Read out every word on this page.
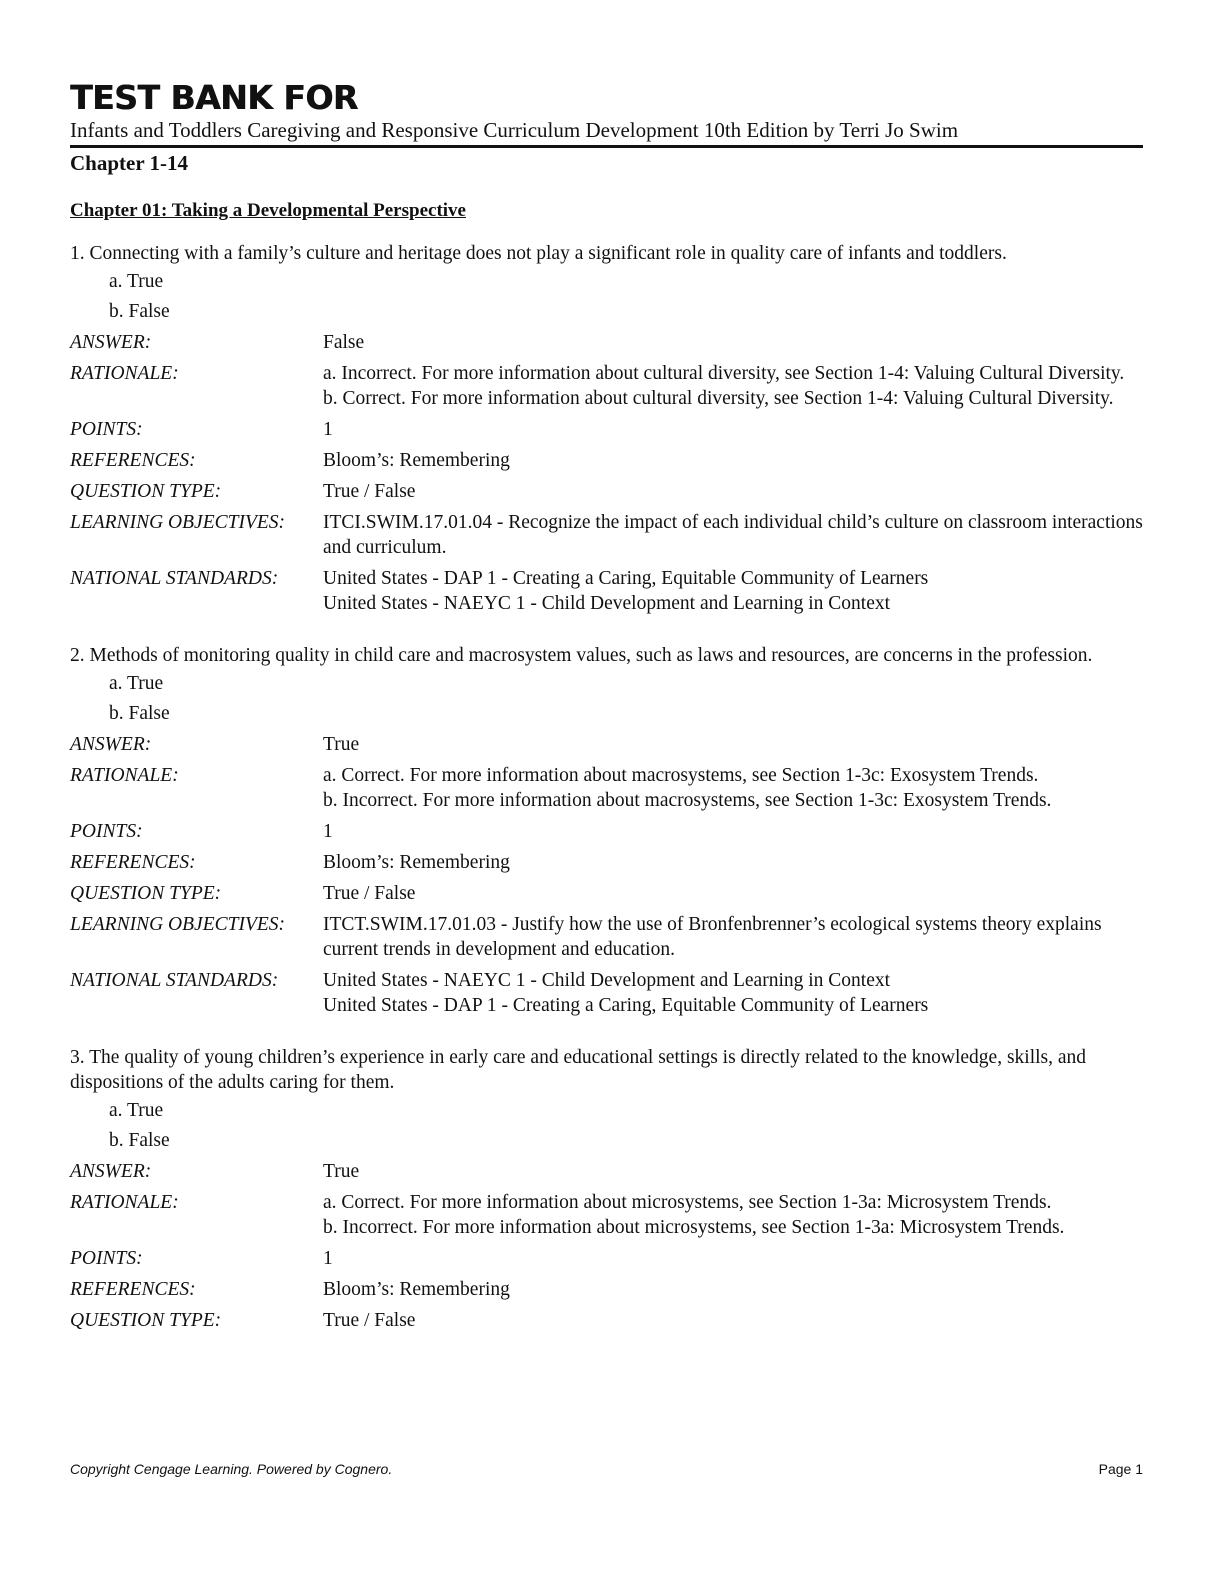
TEST BANK FOR
Infants and Toddlers Caregiving and Responsive Curriculum Development 10th Edition by Terri Jo Swim
Chapter 1-14
Chapter 01: Taking a Developmental Perspective
1. Connecting with a family’s culture and heritage does not play a significant role in quality care of infants and toddlers.
a. True
b. False
ANSWER:	False
RATIONALE:	a. Incorrect. For more information about cultural diversity, see Section 1-4: Valuing Cultural Diversity.
b. Correct. For more information about cultural diversity, see Section 1-4: Valuing Cultural Diversity.
POINTS:	1
REFERENCES:	Bloom’s: Remembering
QUESTION TYPE:	True / False
LEARNING OBJECTIVES:	ITCI.SWIM.17.01.04 - Recognize the impact of each individual child’s culture on classroom interactions and curriculum.
NATIONAL STANDARDS:	United States - DAP 1 - Creating a Caring, Equitable Community of Learners
United States - NAEYC 1 - Child Development and Learning in Context
2. Methods of monitoring quality in child care and macrosystem values, such as laws and resources, are concerns in the profession.
a. True
b. False
ANSWER:	True
RATIONALE:	a. Correct. For more information about macrosystems, see Section 1-3c: Exosystem Trends.
b. Incorrect. For more information about macrosystems, see Section 1-3c: Exosystem Trends.
POINTS:	1
REFERENCES:	Bloom’s: Remembering
QUESTION TYPE:	True / False
LEARNING OBJECTIVES:	ITCT.SWIM.17.01.03 - Justify how the use of Bronfenbrenner’s ecological systems theory explains current trends in development and education.
NATIONAL STANDARDS:	United States - NAEYC 1 - Child Development and Learning in Context
United States - DAP 1 - Creating a Caring, Equitable Community of Learners
3. The quality of young children’s experience in early care and educational settings is directly related to the knowledge, skills, and dispositions of the adults caring for them.
a. True
b. False
ANSWER:	True
RATIONALE:	a. Correct. For more information about microsystems, see Section 1-3a: Microsystem Trends.
b. Incorrect. For more information about microsystems, see Section 1-3a: Microsystem Trends.
POINTS:	1
REFERENCES:	Bloom’s: Remembering
QUESTION TYPE:	True / False
Copyright Cengage Learning. Powered by Cognero.	Page 1
